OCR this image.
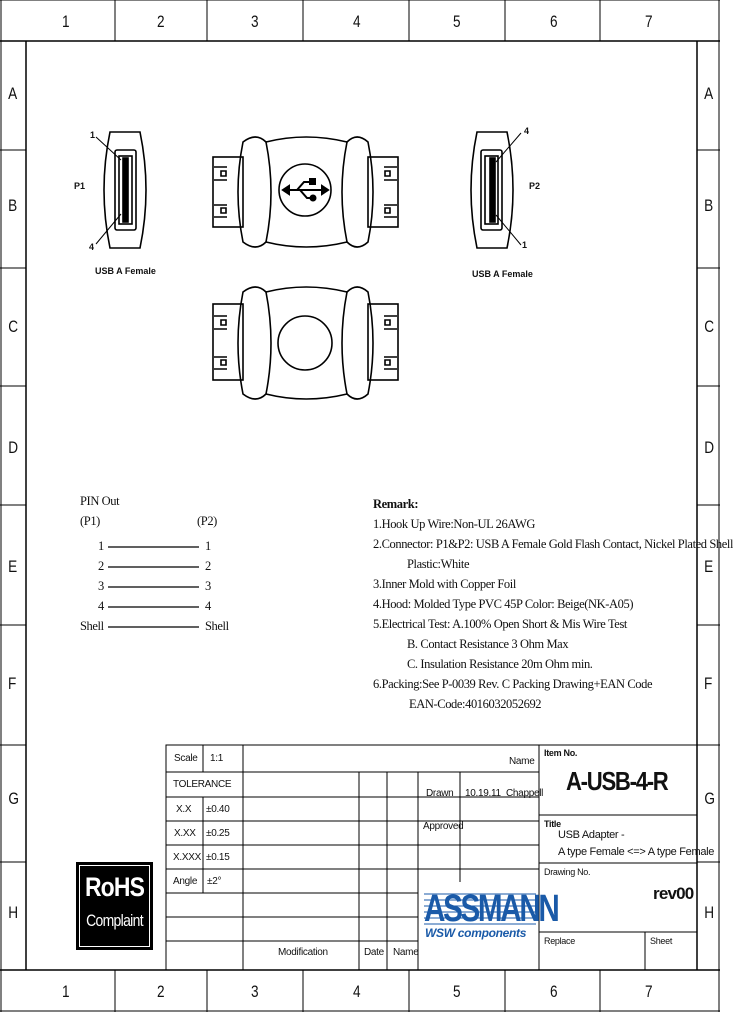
1	2	3	4	5	6	7
1	2	3	4	5	6	7
A
B
C
D
E
F
G
H
A
B
C
D
E
F
G
H
1
P1
4
USB A Female
4
P2
1
USB A Female
PIN Out
(P1)	(P2)
1	1
2	2
3	3
4	4
Shell	Shell
Remark:
1.Hook Up Wire:Non-UL 26AWG
2.Connector: P1&P2: USB A Female Gold Flash Contact, Nickel Plated Shell
Plastic:White
3.Inner Mold with Copper Foil
4.Hood: Molded Type PVC 45P Color: Beige(NK-A05)
5.Electrical Test: A.100% Open Short & Mis Wire Test
B. Contact Resistance 3 Ohm Max
C. Insulation Resistance 20m Ohm min.
6.Packing:See P-0039 Rev. C Packing Drawing+EAN Code
EAN-Code:4016032052692
Scale 1:1
TOLERANCE
X.X ±0.40
X.XX ±0.25
X.XXX ±0.15
Angle ±2°
Name
Drawn 10.19.11 Chappell
Approved
Item No.
A-USB-4-R
Title
USB Adapter -
A type Female <=> A type Female
Drawing No.
rev00
Replace	Sheet
Modification	Date Name
ASSMANN
WSW components
RoHS
Complaint
